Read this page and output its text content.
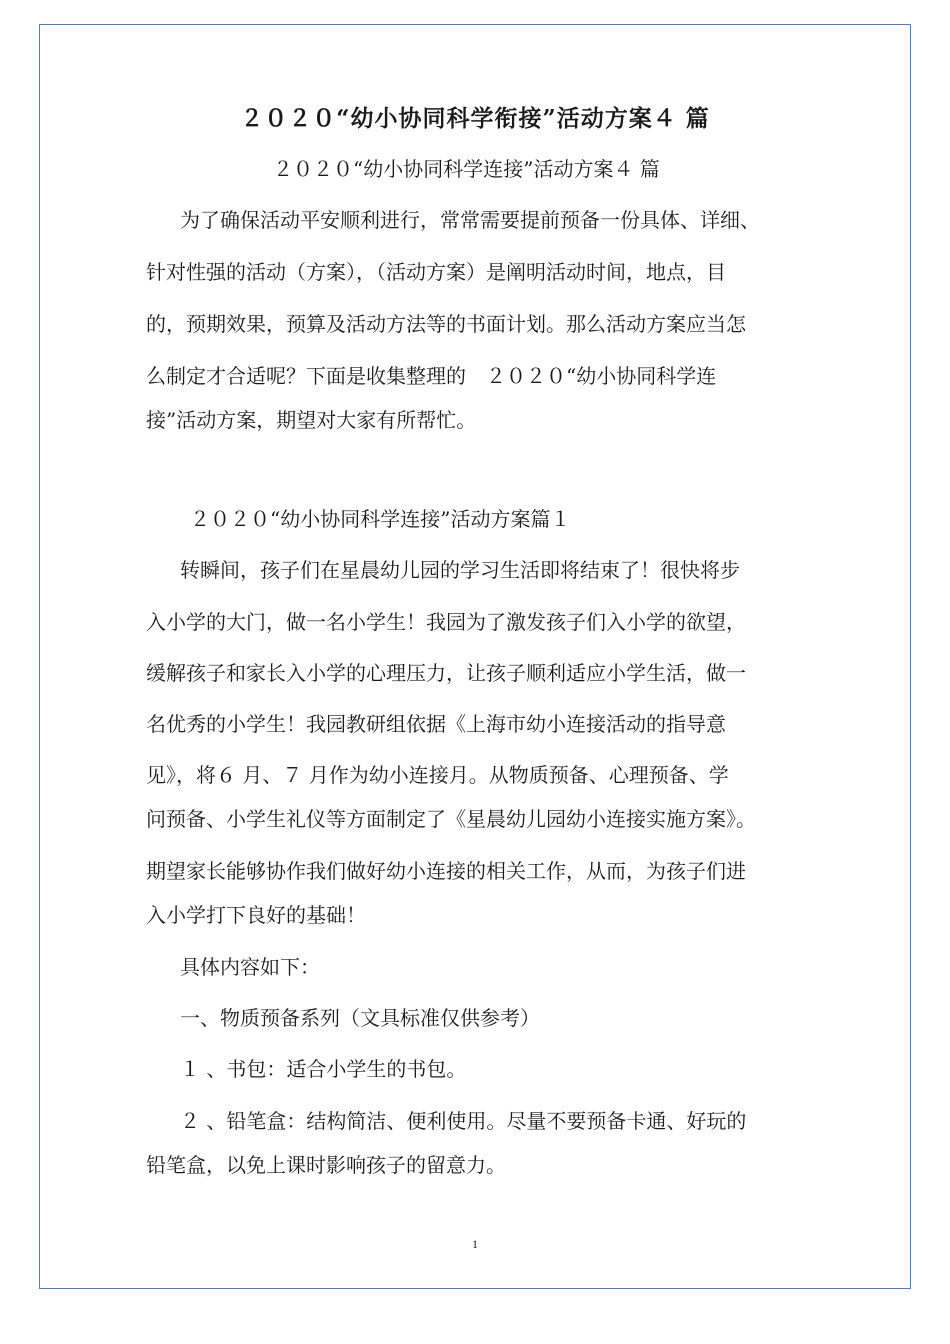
２０２０“幼小协同科学衔接”活动方案４ 篇
２０２０“幼小协同科学连接”活动方案４ 篇
为了确保活动平安顺利进行，常常需要提前预备一份具体、详细、
针对性强的活动（方案），（活动方案）是阐明活动时间，地点，目
的，预期效果，预算及活动方法等的书面计划。那么活动方案应当怎
么制定才合适呢？下面是收集整理的　２０２０“幼小协同科学连
接”活动方案，期望对大家有所帮忙。
２０２０“幼小协同科学连接”活动方案篇１
转瞬间，孩子们在星晨幼儿园的学习生活即将结束了！很快将步
入小学的大门，做一名小学生！我园为了激发孩子们入小学的欲望，
缓解孩子和家长入小学的心理压力，让孩子顺利适应小学生活，做一
名优秀的小学生！我园教研组依据《上海市幼小连接活动的指导意
见》，将６ 月、７ 月作为幼小连接月。从物质预备、心理预备、学
问预备、小学生礼仪等方面制定了《星晨幼儿园幼小连接实施方案》。
期望家长能够协作我们做好幼小连接的相关工作，从而，为孩子们进
入小学打下良好的基础！
具体内容如下：
一、物质预备系列（文具标准仅供参考）
１ 、书包：适合小学生的书包。
２ 、铅笔盒：结构简洁、便利使用。尽量不要预备卡通、好玩的
铅笔盒，以免上课时影响孩子的留意力。
1
